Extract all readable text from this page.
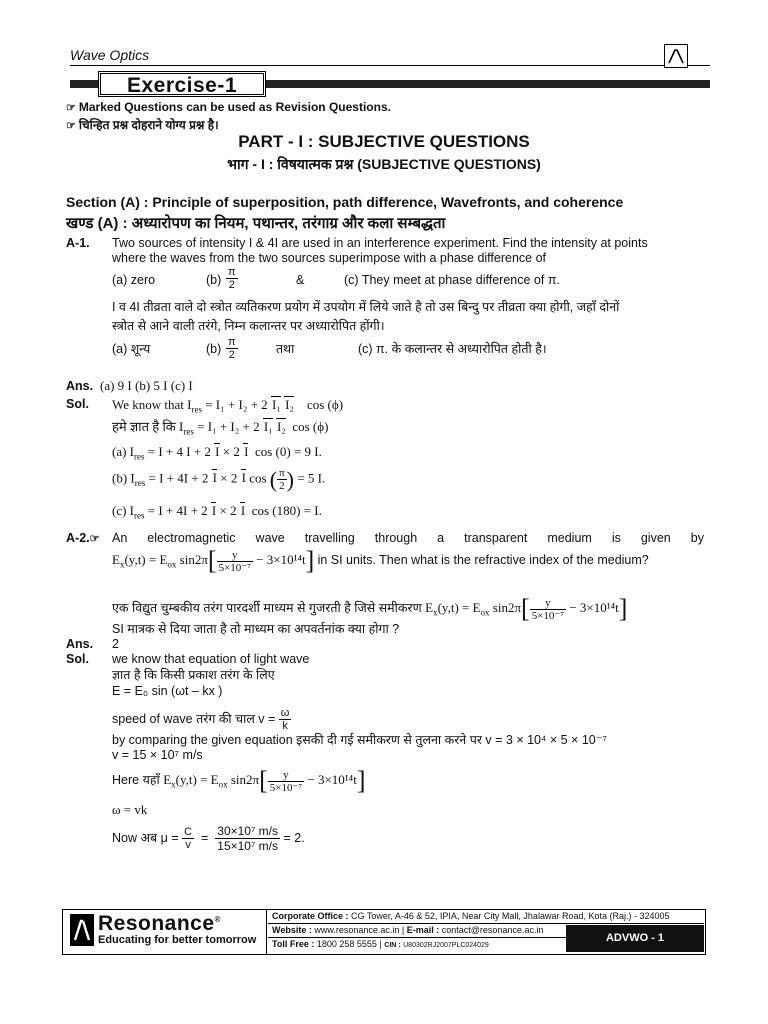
Wave Optics
Exercise-1
☞ Marked Questions can be used as Revision Questions.
☞ चिन्हित प्रश्न दोहराने योग्य प्रश्न है।
PART - I : SUBJECTIVE QUESTIONS
भाग - I : विषयात्मक प्रश्न (SUBJECTIVE QUESTIONS)
Section (A) : Principle of superposition, path difference, Wavefronts, and coherence
खण्ड (A) : अध्यारोपण का नियम, पथान्तर, तरंगाग्र और कला सम्बद्धता
A-1. Two sources of intensity I & 4I are used in an interference experiment. Find the intensity at points
where the waves from the two sources superimpose with a phase difference of
(a) zero	$(b) \frac{\pi}{2}$	&	(c) They meet at phase difference of π.
I व 4I तीव्रता वाले दो स्त्रोत व्यतिकरण प्रयोग में उपयोग में लिये जाते है तो उस बिन्दु पर तीव्रता क्या होगी, जहाँ दोनों
स्त्रोत से आने वाली तरंगे, निम्न कलान्तर पर अध्यारोपित होंगी।
(a) शून्य	$(b) \frac{\pi}{2}$	तथा	(c) π. के कलान्तर से अध्यारोपित होती है।
Ans. (a) 9 I (b) 5 I (c) I
Sol. We know that $I_{res} = I_1 + I_2 + 2$ I₁ I₂ cos (ϕ)
हमे ज्ञात है कि $I_{res} = I_1 + I_2 + 2$ I₁ I₂ cos (ϕ)
(a) $I_{res} = I + 4$ I + 2 I × 2 I cos (0) = 9 I.
(b) $I_{res} = I + 4I + 2$ I × 2 I cos ( $\frac{\pi}{2}$ ) = 5 I.
(c) $I_{res} = I + 4I + 2$ I × 2 I cos (180) = I.
A-2.☞ An electromagnetic wave travelling through a transparent medium is given by
$E_x(y,t) = E_{ox}$ $\sin 2\pi[ \frac{y}{\text{5×10⁻⁷}} - 3\times 10^{14}t]$ in SI units. Then what is the refractive index of the medium?
एक विद्युत चुम्बकीय तरंग पारदर्शी माध्यम से गुजरती है जिसे समीकरण $E_x(y,t) = E_{ox}$ $\sin 2\pi[ \frac{y}{\text{5×10⁻⁷}} - 3\times 10^{14}t]$
SI मात्रक से दिया जाता है तो माध्यम का अपवर्तनांक क्या होगा ?
Ans. 2
Sol. we know that equation of light wave
ज्ञात है कि किसी प्रकाश तरंग के लिए
E = E₀ sin (ωt – kx )
speed of wave तरंग की चाल $v = \frac{\omega}{k}$
by comparing the given equation इसकी दी गई समीकरण से तुलना करने पर v = 3 × 10⁴ × 5 × 10⁻⁷
v = 15 × 10⁷ m/s
Here यहाँ $E_x(y,t) = E_{ox}$ $\sin 2\pi[ \frac{y}{\text{5×10⁻⁷}} - 3\times 10^{14}t]$
ω = vk
Now अब $\mu = \frac{C}{v} = \frac{\text{30×10⁷ m/s}}{\text{15×10⁷ m/s}} = 2$.
Resonance®
Educating for better tomorrow
Corporate Office : CG Tower, A-46 & 52, IPIA, Near City Mall, Jhalawar Road, Kota (Raj.) - 324005
Website : www.resonance.ac.in | E-mail : contact@resonance.ac.in
Toll Free : 1800 258 5555 | CIN : U80302RJ2007PLC024029
ADVWO - 1
